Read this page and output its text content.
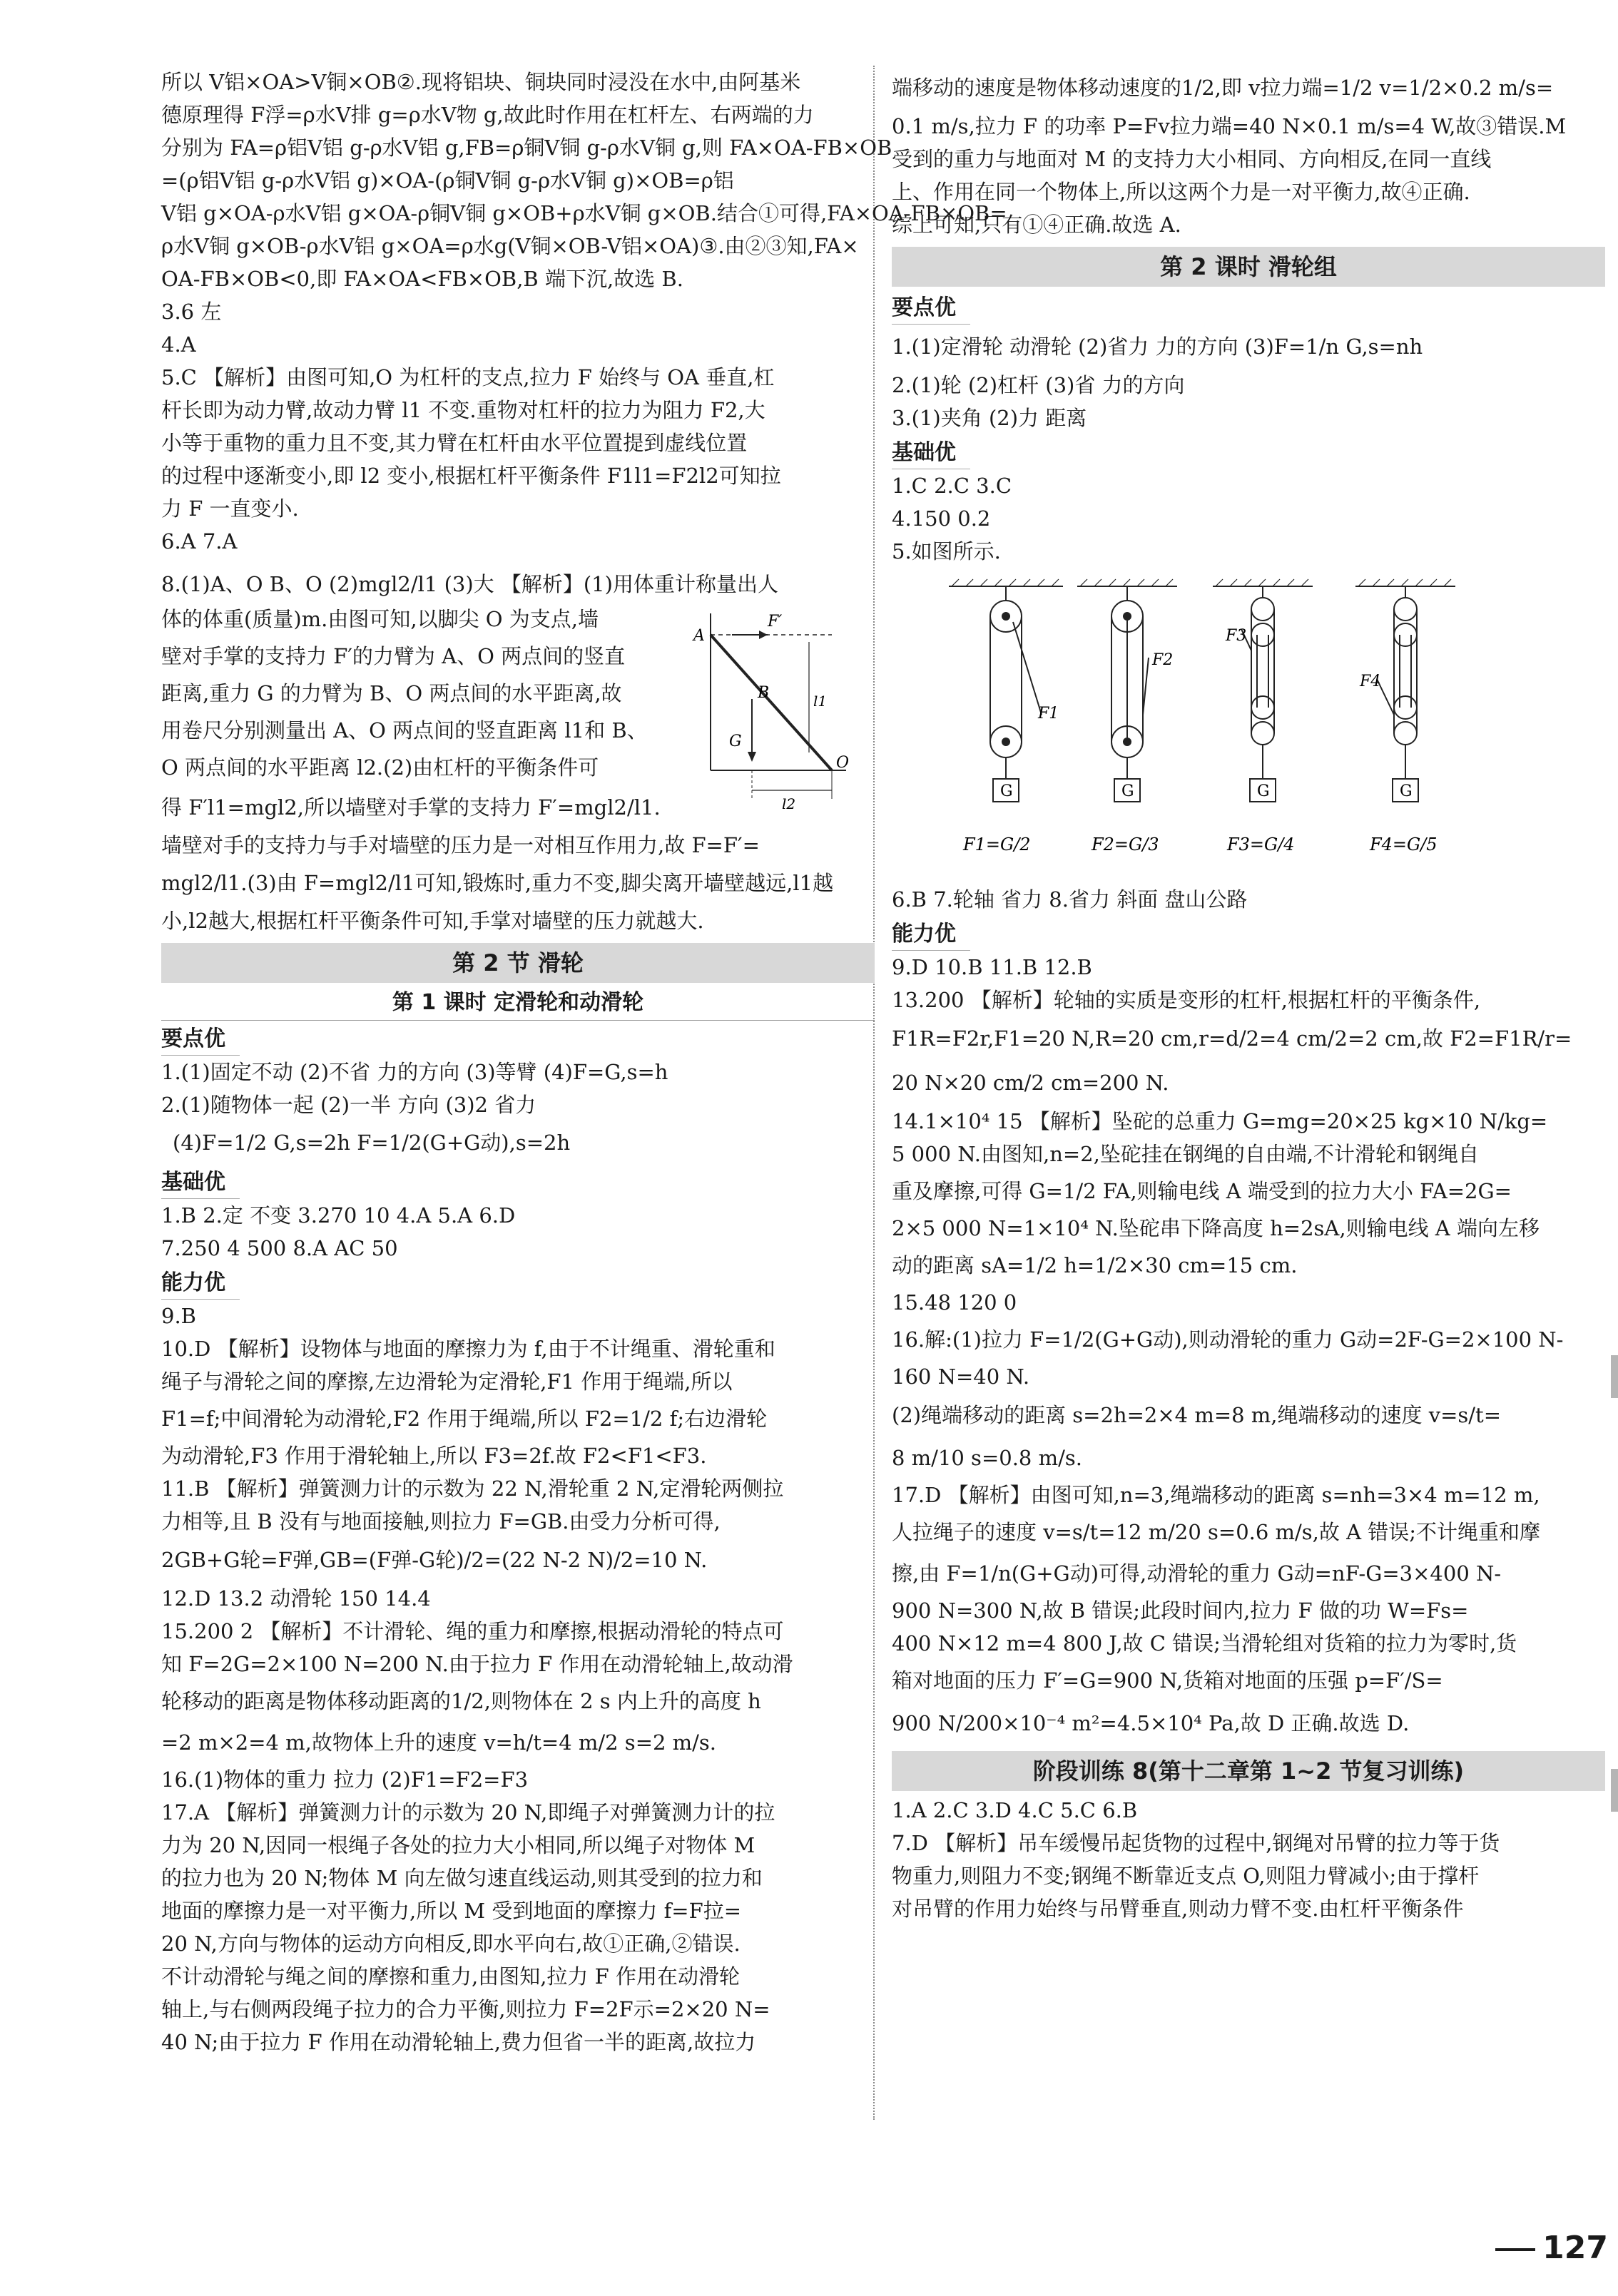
所以 V铝×OA>V铜×OB②.现将铝块、铜块同时浸没在水中,由阿基米

德原理得 F浮=ρ水V排 g=ρ水V物 g,故此时作用在杠杆左、右两端的力

分别为 FA=ρ铝V铝 g-ρ水V铝 g,FB=ρ铜V铜 g-ρ水V铜 g,则 FA×OA-FB×OB

=(ρ铝V铝 g-ρ水V铝 g)×OA-(ρ铜V铜 g-ρ水V铜 g)×OB=ρ铝

V铝 g×OA-ρ水V铝 g×OA-ρ铜V铜 g×OB+ρ水V铜 g×OB.结合①可得,FA×OA-FB×OB=

ρ水V铜 g×OB-ρ水V铝 g×OA=ρ水g(V铜×OB-V铝×OA)③.由②③知,FA×

OA-FB×OB<0,即 FA×OA<FB×OB,B 端下沉,故选 B.

3.6 左

4.A

5.C 【解析】由图可知,O 为杠杆的支点,拉力 F 始终与 OA 垂直,杠

杆长即为动力臂,故动力臂 l1 不变.重物对杠杆的拉力为阻力 F2,大

小等于重物的重力且不变,其力臂在杠杆由水平位置提到虚线位置

的过程中逐渐变小,即 l2 变小,根据杠杆平衡条件 F1l1=F2l2可知拉

力 F 一直变小.

6.A 7.A

8.(1)A、O B、O (2)mgl2/l1 (3)大 【解析】(1)用体重计称量出人

体的体重(质量)m.由图可知,以脚尖 O 为支点,墙

壁对手掌的支持力 F′的力臂为 A、O 两点间的竖直

距离,重力 G 的力臂为 B、O 两点间的水平距离,故

用卷尺分别测量出 A、O 两点间的竖直距离 l1和 B、

O 两点间的水平距离 l2.(2)由杠杆的平衡条件可

得 F′l1=mgl2,所以墙壁对手掌的支持力 F′=mgl2/l1.

A
B
F′
G
O
l1
l2

墙壁对手的支持力与手对墙壁的压力是一对相互作用力,故 F=F′=

mgl2/l1.(3)由 F=mgl2/l1可知,锻炼时,重力不变,脚尖离开墙壁越远,l1越

小,l2越大,根据杠杆平衡条件可知,手掌对墙壁的压力就越大.

第 2 节 滑轮
第 1 课时 定滑轮和动滑轮
要点优

1.(1)固定不动 (2)不省 力的方向 (3)等臂 (4)F=G,s=h

2.(1)随物体一起 (2)一半 方向 (3)2 省力

(4)F=1/2 G,s=2h F=1/2(G+G动),s=2h

基础优

1.B 2.定 不变 3.270 10 4.A 5.A 6.D

7.250 4 500 8.A AC 50

能力优

9.B

10.D 【解析】设物体与地面的摩擦力为 f,由于不计绳重、滑轮重和

绳子与滑轮之间的摩擦,左边滑轮为定滑轮,F1 作用于绳端,所以

F1=f;中间滑轮为动滑轮,F2 作用于绳端,所以 F2=1/2 f;右边滑轮

为动滑轮,F3 作用于滑轮轴上,所以 F3=2f.故 F2<F1<F3.

11.B 【解析】弹簧测力计的示数为 22 N,滑轮重 2 N,定滑轮两侧拉

力相等,且 B 没有与地面接触,则拉力 F=GB.由受力分析可得,

2GB+G轮=F弹,GB=(F弹-G轮)/2=(22 N-2 N)/2=10 N.

12.D 13.2 动滑轮 150 14.4

15.200 2 【解析】不计滑轮、绳的重力和摩擦,根据动滑轮的特点可

知 F=2G=2×100 N=200 N.由于拉力 F 作用在动滑轮轴上,故动滑

轮移动的距离是物体移动距离的1/2,则物体在 2 s 内上升的高度 h

=2 m×2=4 m,故物体上升的速度 v=h/t=4 m/2 s=2 m/s.

16.(1)物体的重力 拉力 (2)F1=F2=F3

17.A 【解析】弹簧测力计的示数为 20 N,即绳子对弹簧测力计的拉

力为 20 N,因同一根绳子各处的拉力大小相同,所以绳子对物体 M

的拉力也为 20 N;物体 M 向左做匀速直线运动,则其受到的拉力和

地面的摩擦力是一对平衡力,所以 M 受到地面的摩擦力 f=F拉=

20 N,方向与物体的运动方向相反,即水平向右,故①正确,②错误.

不计动滑轮与绳之间的摩擦和重力,由图知,拉力 F 作用在动滑轮

轴上,与右侧两段绳子拉力的合力平衡,则拉力 F=2F示=2×20 N=

40 N;由于拉力 F 作用在动滑轮轴上,费力但省一半的距离,故拉力

端移动的速度是物体移动速度的1/2,即 v拉力端=1/2 v=1/2×0.2 m/s=

0.1 m/s,拉力 F 的功率 P=Fv拉力端=40 N×0.1 m/s=4 W,故③错误.M

受到的重力与地面对 M 的支持力大小相同、方向相反,在同一直线

上、作用在同一个物体上,所以这两个力是一对平衡力,故④正确.

综上可知,只有①④正确.故选 A.

第 2 课时 滑轮组
要点优

1.(1)定滑轮 动滑轮 (2)省力 力的方向 (3)F=1/n G,s=nh

2.(1)轮 (2)杠杆 (3)省 力的方向

3.(1)夹角 (2)力 距离

基础优

1.C 2.C 3.C

4.150 0.2

5.如图所示.

F1
G
F2
G
F3
G
F4
G
F1=G/2	F2=G/3	F3=G/4	F4=G/5

6.B 7.轮轴 省力 8.省力 斜面 盘山公路

能力优

9.D 10.B 11.B 12.B

13.200 【解析】轮轴的实质是变形的杠杆,根据杠杆的平衡条件,

F1R=F2r,F1=20 N,R=20 cm,r=d/2=4 cm/2=2 cm,故 F2=F1R/r=

20 N×20 cm/2 cm=200 N.

14.1×10⁴ 15 【解析】坠砣的总重力 G=mg=20×25 kg×10 N/kg=

5 000 N.由图知,n=2,坠砣挂在钢绳的自由端,不计滑轮和钢绳自

重及摩擦,可得 G=1/2 FA,则输电线 A 端受到的拉力大小 FA=2G=

2×5 000 N=1×10⁴ N.坠砣串下降高度 h=2sA,则输电线 A 端向左移

动的距离 sA=1/2 h=1/2×30 cm=15 cm.

15.48 120 0

16.解:(1)拉力 F=1/2(G+G动),则动滑轮的重力 G动=2F-G=2×100 N-

160 N=40 N.

(2)绳端移动的距离 s=2h=2×4 m=8 m,绳端移动的速度 v=s/t=

8 m/10 s=0.8 m/s.

17.D 【解析】由图可知,n=3,绳端移动的距离 s=nh=3×4 m=12 m,

人拉绳子的速度 v=s/t=12 m/20 s=0.6 m/s,故 A 错误;不计绳重和摩

擦,由 F=1/n(G+G动)可得,动滑轮的重力 G动=nF-G=3×400 N-

900 N=300 N,故 B 错误;此段时间内,拉力 F 做的功 W=Fs=

400 N×12 m=4 800 J,故 C 错误;当滑轮组对货箱的拉力为零时,货

箱对地面的压力 F′=G=900 N,货箱对地面的压强 p=F′/S=

900 N/200×10⁻⁴ m²=4.5×10⁴ Pa,故 D 正确.故选 D.

阶段训练 8(第十二章第 1~2 节复习训练)

1.A 2.C 3.D 4.C 5.C 6.B

7.D 【解析】吊车缓慢吊起货物的过程中,钢绳对吊臂的拉力等于货

物重力,则阻力不变;钢绳不断靠近支点 O,则阻力臂减小;由于撑杆

对吊臂的作用力始终与吊臂垂直,则动力臂不变.由杠杆平衡条件

127
